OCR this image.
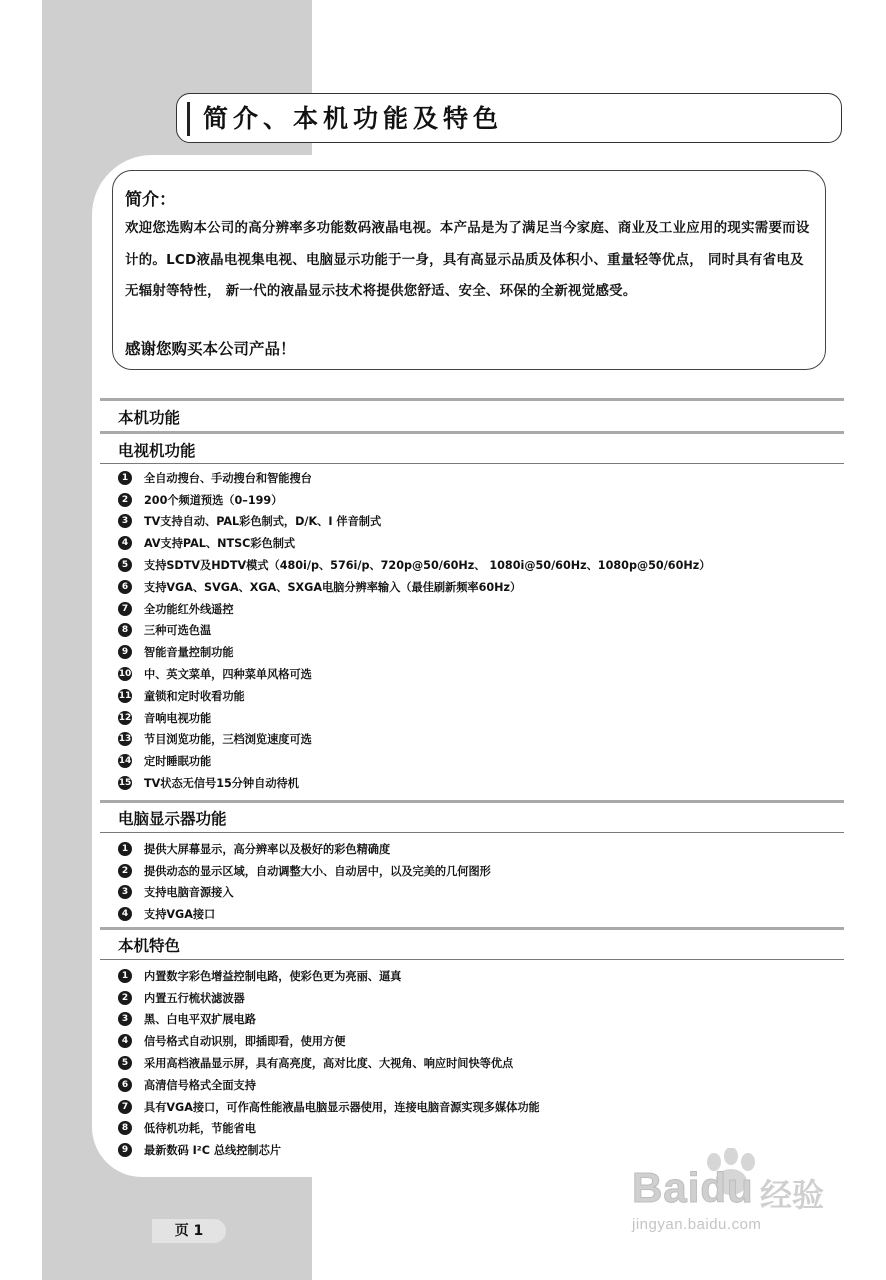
简介、本机功能及特色
简介：
欢迎您选购本公司的高分辨率多功能数码液晶电视。本产品是为了满足当今家庭、商业及工业应用的现实需要而设计的。LCD液晶电视集电视、电脑显示功能于一身，具有高显示品质及体积小、重量轻等优点， 同时具有省电及无辐射等特性， 新一代的液晶显示技术将提供您舒适、安全、环保的全新视觉感受。
感谢您购买本公司产品！
本机功能
电视机功能
1	全自动搜台、手动搜台和智能搜台
2	200个频道预选（0–199）
3	TV支持自动、PAL彩色制式，D/K、I 伴音制式
4	AV支持PAL、NTSC彩色制式
5	支持SDTV及HDTV模式（480i/p、576i/p、720p@50/60Hz、 1080i@50/60Hz、1080p@50/60Hz）
6	支持VGA、SVGA、XGA、SXGA电脑分辨率输入（最佳刷新频率60Hz）
7	全功能红外线遥控
8	三种可选色温
9	智能音量控制功能
10 中、英文菜单，四种菜单风格可选
11 童锁和定时收看功能
12 音响电视功能
13 节目浏览功能，三档浏览速度可选
14 定时睡眠功能
15 TV状态无信号15分钟自动待机
电脑显示器功能
1	提供大屏幕显示，高分辨率以及极好的彩色精确度
2	提供动态的显示区域，自动调整大小、自动居中，以及完美的几何图形
3	支持电脑音源接入
4	支持VGA接口
本机特色
1	内置数字彩色增益控制电路，使彩色更为亮丽、逼真
2	内置五行梳状滤波器
3	黑、白电平双扩展电路
4	信号格式自动识别，即插即看，使用方便
5	采用高档液晶显示屏，具有高亮度，高对比度、大视角、响应时间快等优点
6	高清信号格式全面支持
7	具有VGA接口，可作高性能液晶电脑显示器使用，连接电脑音源实现多媒体功能
8	低待机功耗，节能省电
9	最新数码 I²C 总线控制芯片
页 1
Baidu 经验
jingyan.baidu.com
